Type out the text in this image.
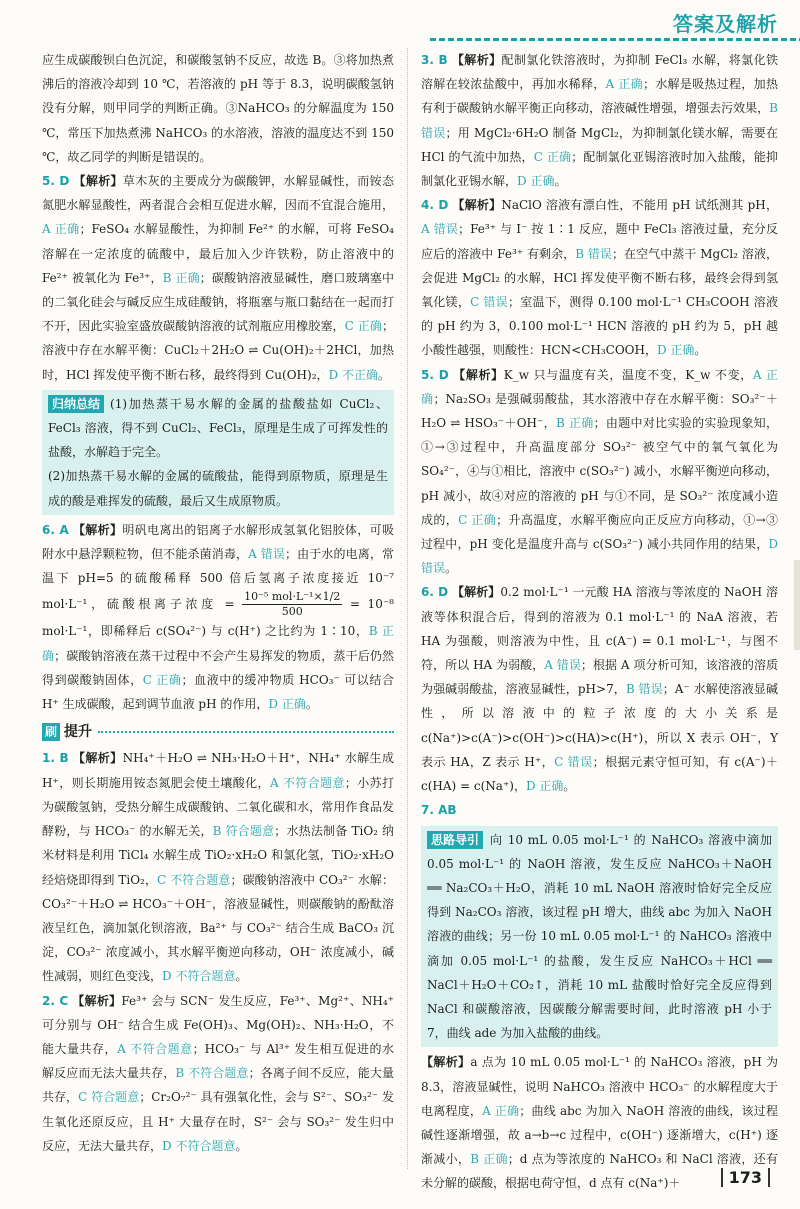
答案及解析

应生成碳酸钡白色沉淀，和碳酸氢钠不反应，故选 B。③将加热煮沸后的溶液冷却到 10 ℃，若溶液的 pH 等于 8.3，说明碳酸氢钠没有分解，则甲同学的判断正确。③NaHCO₃ 的分解温度为 150 ℃，常压下加热煮沸 NaHCO₃ 的水溶液，溶液的温度达不到 150 ℃，故乙同学的判断是错误的。

5. D 【解析】草木灰的主要成分为碳酸钾，水解显碱性，而铵态氮肥水解显酸性，两者混合会相互促进水解，因而不宜混合施用，A 正确；FeSO₄ 水解显酸性，为抑制 Fe²⁺ 的水解，可将 FeSO₄ 溶解在一定浓度的硫酸中，最后加入少许铁粉，防止溶液中的 Fe²⁺ 被氧化为 Fe³⁺，B 正确；碳酸钠溶液显碱性，磨口玻璃塞中的二氧化硅会与碱反应生成硅酸钠，将瓶塞与瓶口黏结在一起而打不开，因此实验室盛放碳酸钠溶液的试剂瓶应用橡胶塞，C 正确；溶液中存在水解平衡：CuCl₂＋2H₂O ⇌ Cu(OH)₂＋2HCl，加热时，HCl 挥发使平衡不断右移，最终得到 Cu(OH)₂，D 不正确。

归纳总结 (1)加热蒸干易水解的金属的盐酸盐如 CuCl₂、FeCl₃ 溶液，得不到 CuCl₂、FeCl₃，原理是生成了可挥发性的盐酸，水解趋于完全。

(2)加热蒸干易水解的金属的硫酸盐，能得到原物质，原理是生成的酸是难挥发的硫酸，最后又生成原物质。

6. A 【解析】明矾电离出的铝离子水解形成氢氧化铝胶体，可吸附水中悬浮颗粒物，但不能杀菌消毒，A 错误；由于水的电离，常温下 pH=5 的硫酸稀释 500 倍后氢离子浓度接近 10⁻⁷ mol·L⁻¹，硫酸根离子浓度 = $\frac{\text{10⁻⁵ mol·L⁻¹×1/2}}{500} = 10^{-8}$ mol·L⁻¹，即稀释后 c(SO₄²⁻) 与 c(H⁺) 之比约为 1∶10，B 正确；碳酸钠溶液在蒸干过程中不会产生易挥发的物质，蒸干后仍然得到碳酸钠固体，C 正确；血液中的缓冲物质 HCO₃⁻ 可以结合 H⁺ 生成碳酸，起到调节血液 pH 的作用，D 正确。

刷 提升

1. B 【解析】NH₄⁺＋H₂O ⇌ NH₃·H₂O＋H⁺，NH₄⁺ 水解生成 H⁺，则长期施用铵态氮肥会使土壤酸化，A 不符合题意；小苏打为碳酸氢钠，受热分解生成碳酸钠、二氧化碳和水，常用作食品发酵粉，与 HCO₃⁻ 的水解无关，B 符合题意；水热法制备 TiO₂ 纳米材料是利用 TiCl₄ 水解生成 TiO₂·xH₂O 和氯化氢，TiO₂·xH₂O 经焙烧即得到 TiO₂，C 不符合题意；碳酸钠溶液中 CO₃²⁻ 水解：CO₃²⁻＋H₂O ⇌ HCO₃⁻＋OH⁻，溶液显碱性，则碳酸钠的酚酞溶液呈红色，滴加氯化钡溶液，Ba²⁺ 与 CO₃²⁻ 结合生成 BaCO₃ 沉淀，CO₃²⁻ 浓度减小，其水解平衡逆向移动，OH⁻ 浓度减小，碱性减弱，则红色变浅，D 不符合题意。

2. C 【解析】Fe³⁺ 会与 SCN⁻ 发生反应，Fe³⁺、Mg²⁺、NH₄⁺ 可分别与 OH⁻ 结合生成 Fe(OH)₃、Mg(OH)₂、NH₃·H₂O，不能大量共存，A 不符合题意；HCO₃⁻ 与 Al³⁺ 发生相互促进的水解反应而无法大量共存，B 不符合题意；各离子间不反应，能大量共存，C 符合题意；Cr₂O₇²⁻ 具有强氧化性，会与 S²⁻、SO₃²⁻ 发生氧化还原反应，且 H⁺ 大量存在时，S²⁻ 会与 SO₃²⁻ 发生归中反应，无法大量共存，D 不符合题意。

3. B 【解析】配制氯化铁溶液时，为抑制 FeCl₃ 水解，将氯化铁溶解在较浓盐酸中，再加水稀释，A 正确；水解是吸热过程，加热有利于碳酸钠水解平衡正向移动，溶液碱性增强，增强去污效果，B 错误；用 MgCl₂·6H₂O 制备 MgCl₂，为抑制氯化镁水解，需要在 HCl 的气流中加热，C 正确；配制氯化亚锡溶液时加入盐酸，能抑制氯化亚锡水解，D 正确。

4. D 【解析】NaClO 溶液有漂白性，不能用 pH 试纸测其 pH，A 错误；Fe³⁺ 与 I⁻ 按 1∶1 反应，题中 FeCl₃ 溶液过量，充分反应后的溶液中 Fe³⁺ 有剩余，B 错误；在空气中蒸干 MgCl₂ 溶液，会促进 MgCl₂ 的水解，HCl 挥发使平衡不断右移，最终会得到氢氧化镁，C 错误；室温下，测得 0.100 mol·L⁻¹ CH₃COOH 溶液的 pH 约为 3，0.100 mol·L⁻¹ HCN 溶液的 pH 约为 5，pH 越小酸性越强，则酸性：HCN<CH₃COOH，D 正确。

5. D 【解析】K_w 只与温度有关，温度不变，K_w 不变，A 正确；Na₂SO₃ 是强碱弱酸盐，其水溶液中存在水解平衡：SO₃²⁻＋H₂O ⇌ HSO₃⁻＋OH⁻，B 正确；由题中对比实验的实验现象知，①→③过程中，升高温度部分 SO₃²⁻ 被空气中的氧气氧化为 SO₄²⁻，④与①相比，溶液中 c(SO₃²⁻) 减小，水解平衡逆向移动，pH 减小，故④对应的溶液的 pH 与①不同，是 SO₃²⁻ 浓度减小造成的，C 正确；升高温度，水解平衡应向正反应方向移动，①→③过程中，pH 变化是温度升高与 c(SO₃²⁻) 减小共同作用的结果，D 错误。

6. D 【解析】0.2 mol·L⁻¹ 一元酸 HA 溶液与等浓度的 NaOH 溶液等体积混合后，得到的溶液为 0.1 mol·L⁻¹ 的 NaA 溶液，若 HA 为强酸，则溶液为中性，且 c(A⁻) = 0.1 mol·L⁻¹，与图不符，所以 HA 为弱酸，A 错误；根据 A 项分析可知，该溶液的溶质为强碱弱酸盐，溶液显碱性，pH>7，B 错误；A⁻ 水解使溶液显碱性，所以溶液中的粒子浓度的大小关系是 c(Na⁺)>c(A⁻)>c(OH⁻)>c(HA)>c(H⁺)，所以 X 表示 OH⁻，Y 表示 HA，Z 表示 H⁺，C 错误；根据元素守恒可知，有 c(A⁻)＋c(HA) = c(Na⁺)，D 正确。

7. AB

思路导引 向 10 mL 0.05 mol·L⁻¹ 的 NaHCO₃ 溶液中滴加 0.05 mol·L⁻¹ 的 NaOH 溶液，发生反应 NaHCO₃＋NaOH ══ Na₂CO₃＋H₂O，消耗 10 mL NaOH 溶液时恰好完全反应得到 Na₂CO₃ 溶液，该过程 pH 增大，曲线 abc 为加入 NaOH 溶液的曲线；另一份 10 mL 0.05 mol·L⁻¹ 的 NaHCO₃ 溶液中滴加 0.05 mol·L⁻¹ 的盐酸，发生反应 NaHCO₃＋HCl ══ NaCl＋H₂O＋CO₂↑，消耗 10 mL 盐酸时恰好完全反应得到 NaCl 和碳酸溶液，因碳酸分解需要时间，此时溶液 pH 小于 7，曲线 ade 为加入盐酸的曲线。

【解析】a 点为 10 mL 0.05 mol·L⁻¹ 的 NaHCO₃ 溶液，pH 为 8.3，溶液显碱性，说明 NaHCO₃ 溶液中 HCO₃⁻ 的水解程度大于电离程度，A 正确；曲线 abc 为加入 NaOH 溶液的曲线，该过程碱性逐渐增强，故 a→b→c 过程中，c(OH⁻) 逐渐增大，c(H⁺) 逐渐减小，B 正确；d 点为等浓度的 NaHCO₃ 和 NaCl 溶液，还有未分解的碳酸，根据电荷守恒，d 点有 c(Na⁺)＋	173
